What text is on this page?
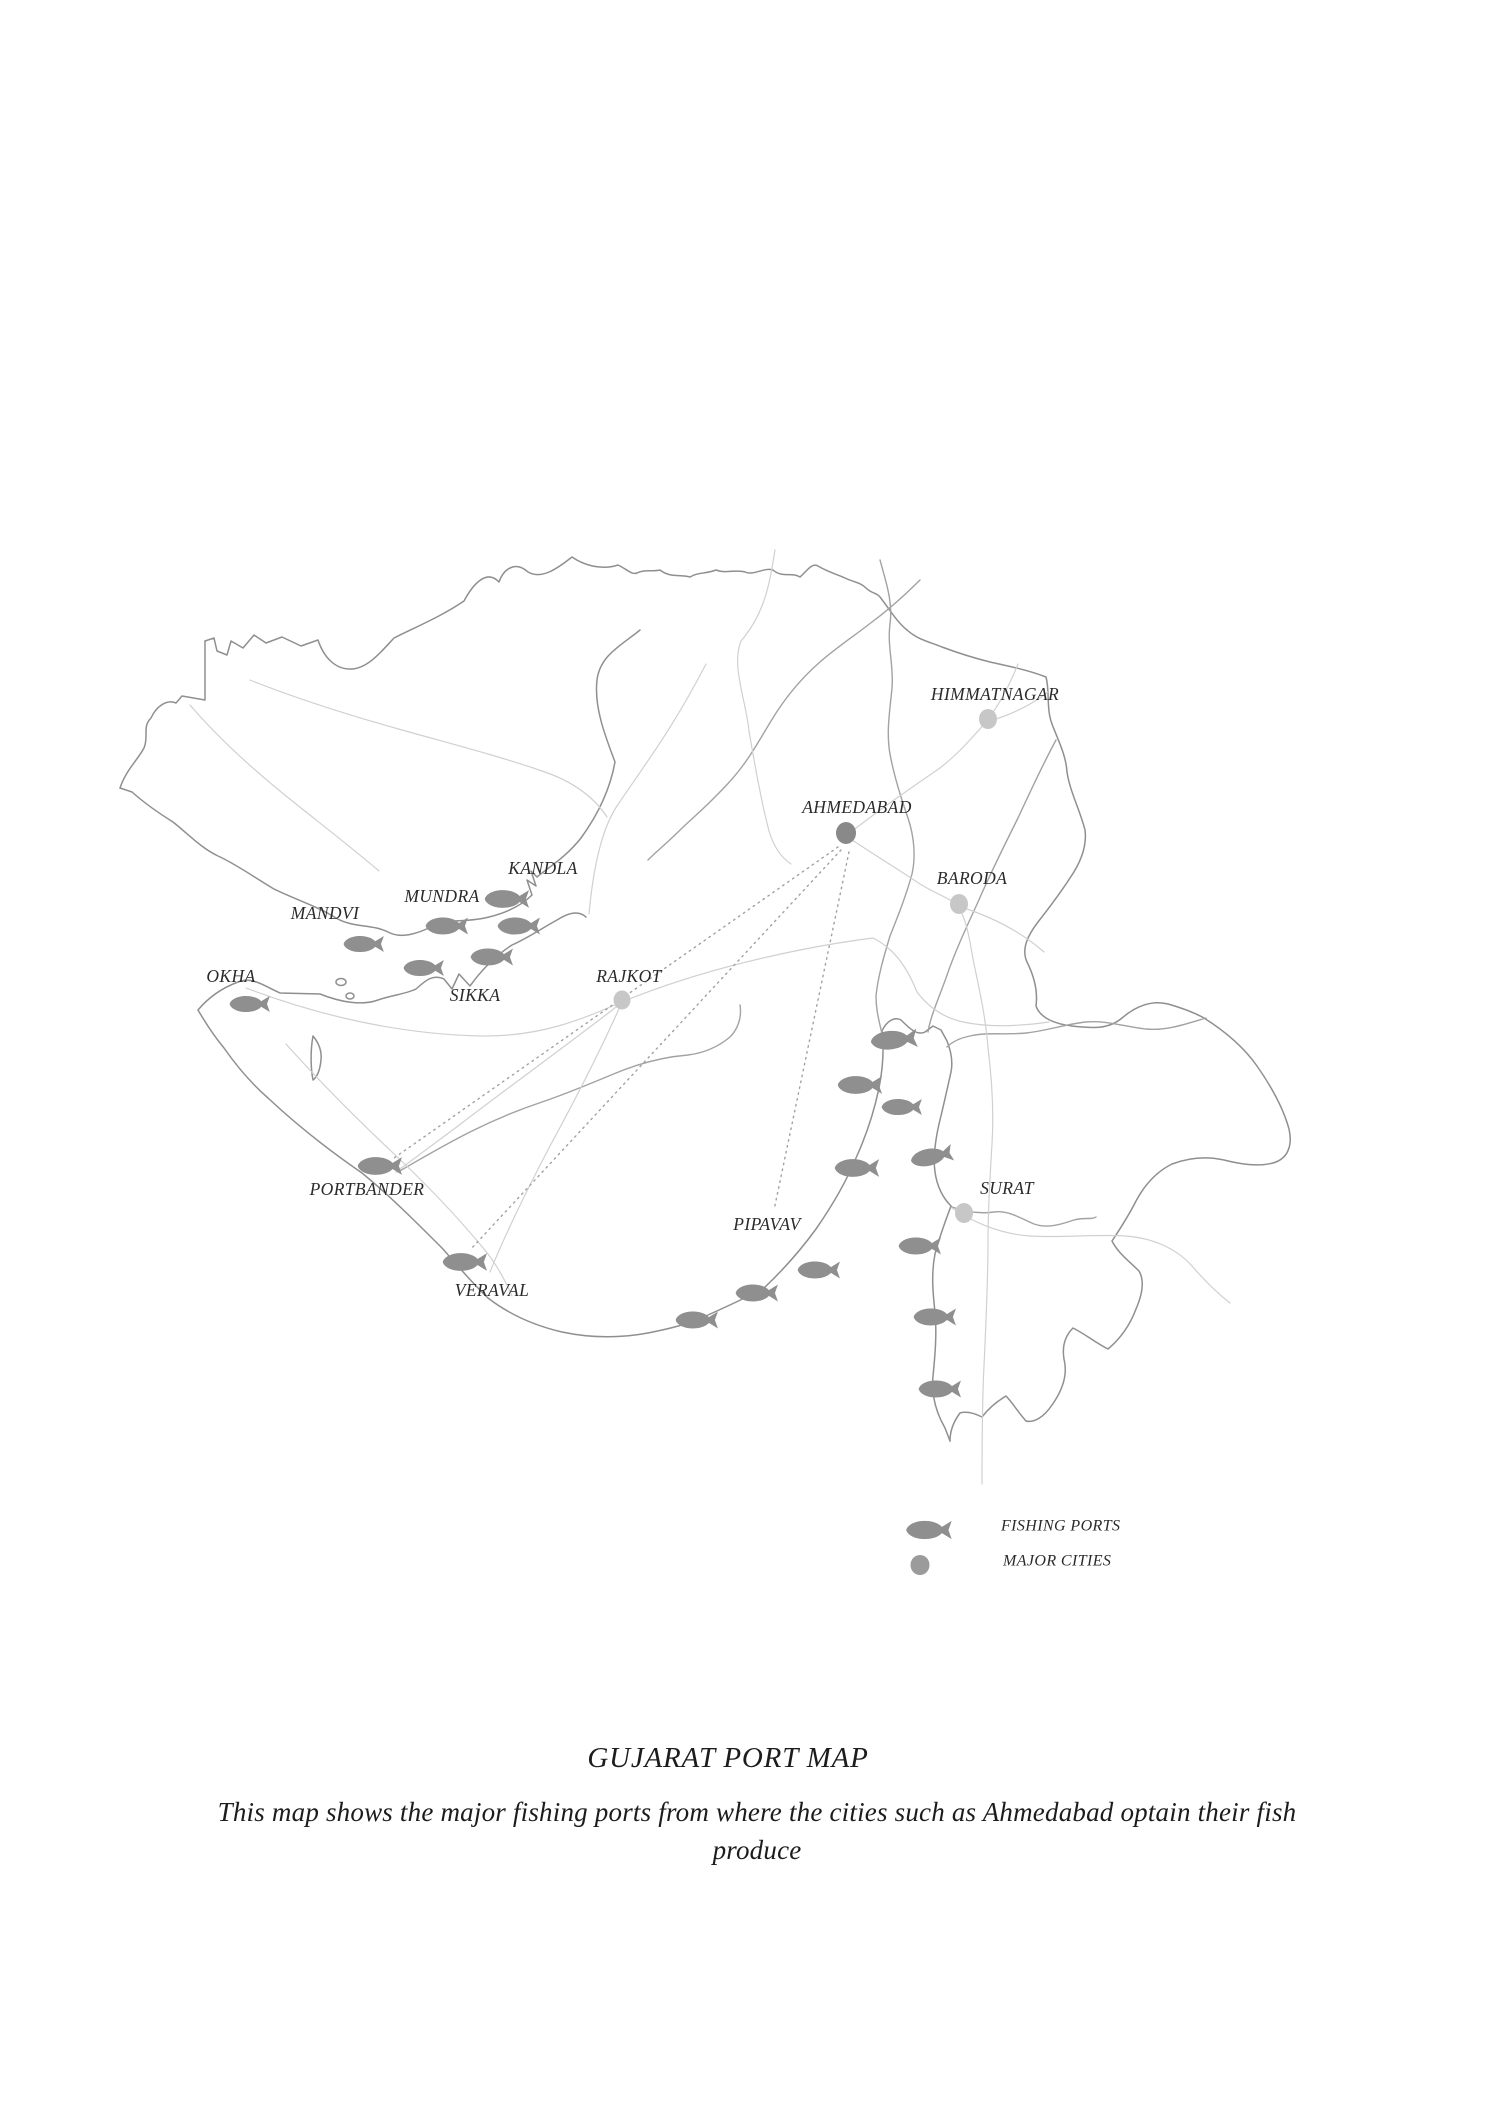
AHMEDABAD
HIMMATNAGAR
BARODA
RAJKOT
SURAT
OKHA
MANDVI
MUNDRA
KANDLA
SIKKA
PORTBANDER
VERAVAL
PIPAVAV
FISHING PORTS
MAJOR CITIES
GUJARAT PORT MAP
This map shows the major fishing ports from where the cities such as Ahmedabad optain their fish produce
